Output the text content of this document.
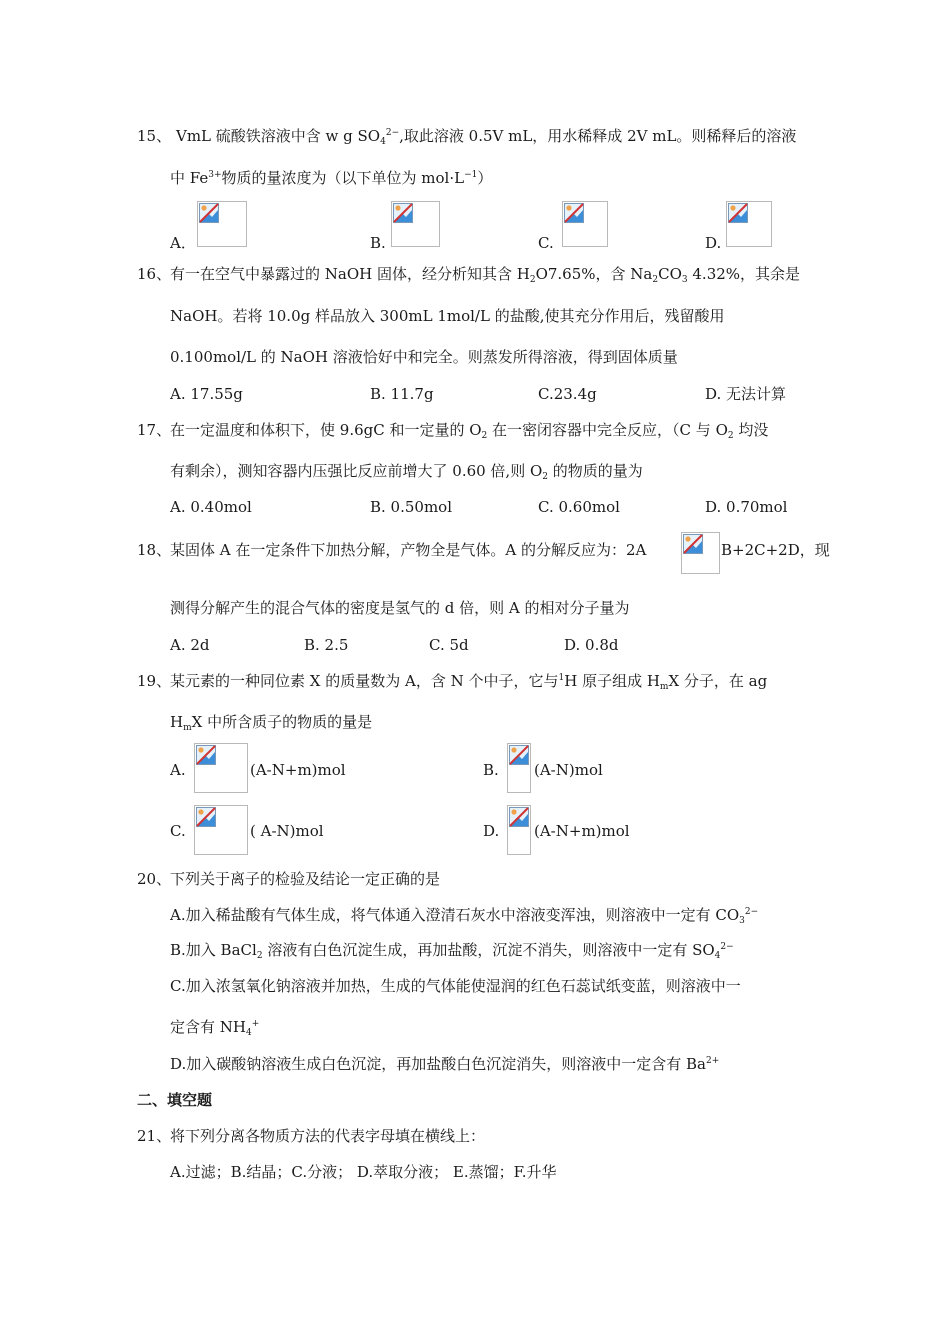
15、 VmL 硫酸铁溶液中含 w g $SO_4^{2-}$,取此溶液 0.5V mL，用水稀释成 2V mL。则稀释后的溶液
中 $Fe^{3+}$物质的量浓度为（以下单位为 $mol\cdot L^{-1}$）
A．	B.	C.	D.
16、
有一在空气中暴露过的 NaOH 固体，经分析知其含 $H_2O7.65\%$，含 $Na_2CO_3$ 4.32%，其余是
NaOH。若将 10.0g 样品放入 300mL 1mol/L 的盐酸,使其充分作用后，残留酸用
0.100mol/L 的 NaOH 溶液恰好中和完全。则蒸发所得溶液，得到固体质量
A. 17.55g	B. 11.7g	C.23.4g	D. 无法计算
17、
在一定温度和体积下，使 9.6gC 和一定量的 $O_2$ 在一密闭容器中完全反应，（C 与 $O_2$ 均没
有剩余），测知容器内压强比反应前增大了 0.60 倍,则 $O_2$ 的物质的量为
A. 0.40mol	B. 0.50mol	C. 0.60mol	D. 0.70mol
18、
某固体 A 在一定条件下加热分解，产物全是气体。A 的分解反应为：2A	B+2C+2D，现
测得分解产生的混合气体的密度是氢气的 d 倍，则 A 的相对分子量为
A. 2d	B. 2.5	C. 5d	D. 0.8d
19、
某元素的一种同位素 X 的质量数为 A，含 N 个中子，它与$^1$H 原子组成 $H_mX$ 分子，在 ag
$H_mX$ 中所含质子的物质的量是
A.	(A-N+m)mol	B. (A-N)mol
C.	( A-N)mol	D. (A-N+m)mol
20、
下列关于离子的检验及结论一定正确的是
A.加入稀盐酸有气体生成，将气体通入澄清石灰水中溶液变浑浊，则溶液中一定有 $CO_3^{2-}$
B.加入 BaCl$_2$ 溶液有白色沉淀生成，再加盐酸，沉淀不消失，则溶液中一定有 $SO_4^{2-}$
C.加入浓氢氧化钠溶液并加热，生成的气体能使湿润的红色石蕊试纸变蓝，则溶液中一
定含有 $NH_4^+$
D.加入碳酸钠溶液生成白色沉淀，再加盐酸白色沉淀消失，则溶液中一定含有 $Ba^{2+}$
二、填空题
21、
将下列分离各物质方法的代表字母填在横线上：
A.过滤；B.结晶；C.分液； D.萃取分液； E.蒸馏；F.升华
